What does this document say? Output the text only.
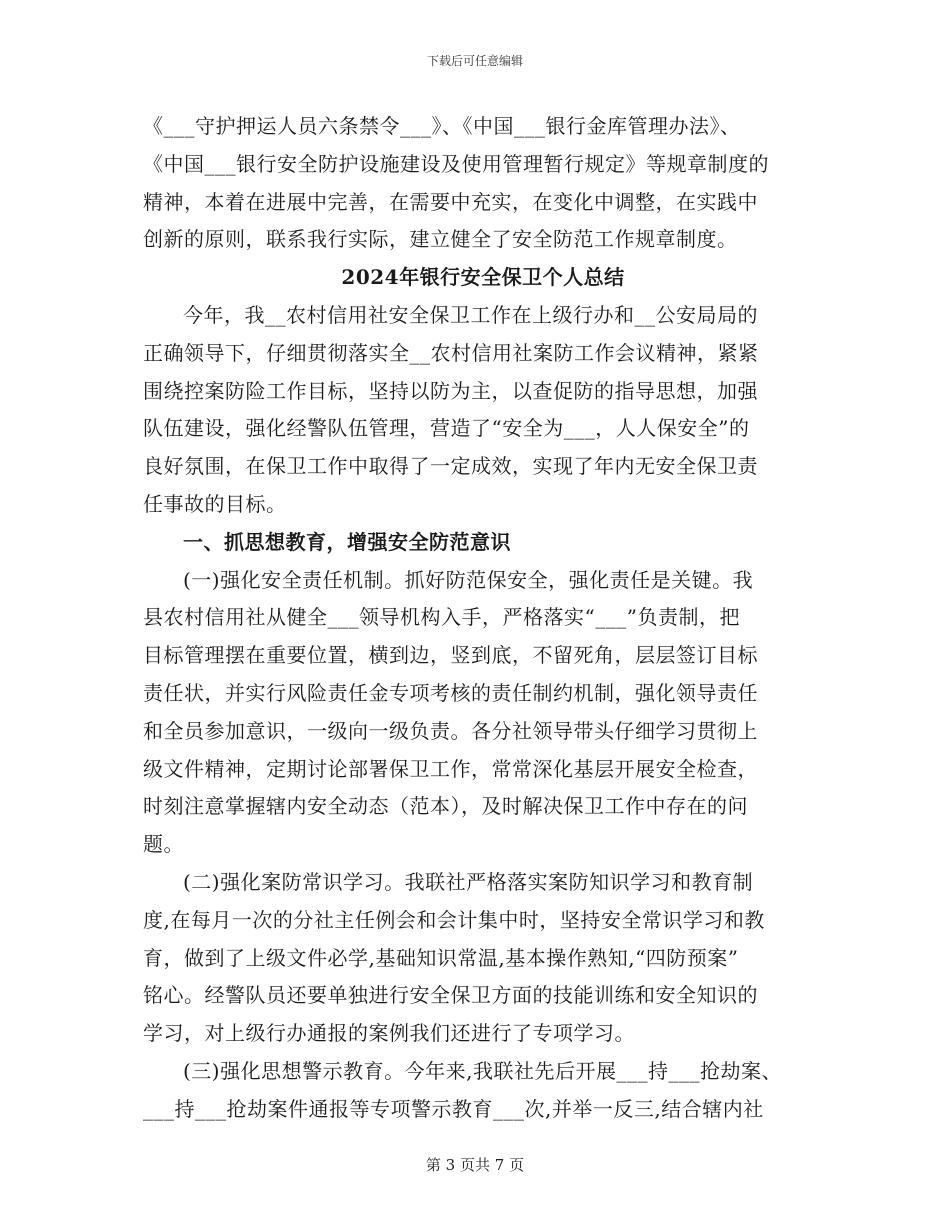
下载后可任意编辑
《___守护押运人员六条禁令___》、《中国___银行金库管理办法》、
《中国___银行安全防护设施建设及使用管理暂行规定》等规章制度的
精神，本着在进展中完善，在需要中充实，在变化中调整，在实践中
创新的原则，联系我行实际，建立健全了安全防范工作规章制度。
2024年银行安全保卫个人总结
今年，我__农村信用社安全保卫工作在上级行办和__公安局局的
正确领导下，仔细贯彻落实全__农村信用社案防工作会议精神，紧紧
围绕控案防险工作目标，坚持以防为主，以查促防的指导思想，加强
队伍建设，强化经警队伍管理，营造了“安全为___，人人保安全”的
良好氛围，在保卫工作中取得了一定成效，实现了年内无安全保卫责
任事故的目标。
一、抓思想教育，增强安全防范意识
(一)强化安全责任机制。抓好防范保安全，强化责任是关键。我
县农村信用社从健全___领导机构入手，严格落实“___”负责制，把
目标管理摆在重要位置，横到边，竖到底，不留死角，层层签订目标
责任状，并实行风险责任金专项考核的责任制约机制，强化领导责任
和全员参加意识，一级向一级负责。各分社领导带头仔细学习贯彻上
级文件精神，定期讨论部署保卫工作，常常深化基层开展安全检查，
时刻注意掌握辖内安全动态（范本），及时解决保卫工作中存在的问
题。
(二)强化案防常识学习。我联社严格落实案防知识学习和教育制
度,在每月一次的分社主任例会和会计集中时，坚持安全常识学习和教
育，做到了上级文件必学,基础知识常温,基本操作熟知,“四防预案”
铭心。经警队员还要单独进行安全保卫方面的技能训练和安全知识的
学习，对上级行办通报的案例我们还进行了专项学习。
(三)强化思想警示教育。今年来,我联社先后开展___持___抢劫案、
___持___抢劫案件通报等专项警示教育___次,并举一反三,结合辖内社
第 3 页共 7 页
